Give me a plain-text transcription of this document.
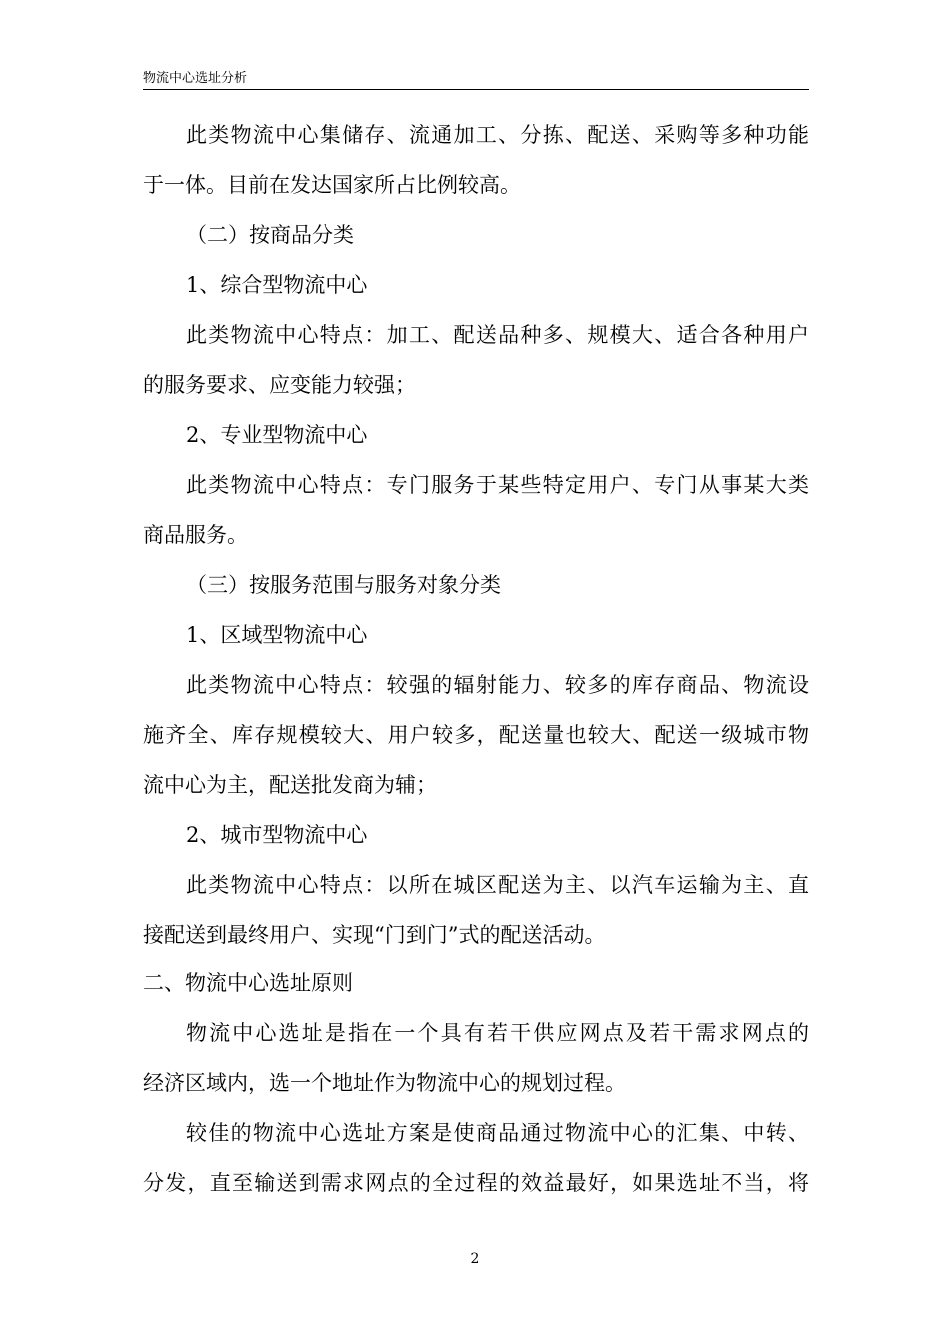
物流中心选址分析
此类物流中心集储存、流通加工、分拣、配送、采购等多种功能
于一体。目前在发达国家所占比例较高。
（二）按商品分类
1、综合型物流中心
此类物流中心特点：加工、配送品种多、规模大、适合各种用户
的服务要求、应变能力较强；
2、专业型物流中心
此类物流中心特点：专门服务于某些特定用户、专门从事某大类
商品服务。
（三）按服务范围与服务对象分类
1、区域型物流中心
此类物流中心特点：较强的辐射能力、较多的库存商品、物流设
施齐全、库存规模较大、用户较多，配送量也较大、配送一级城市物
流中心为主，配送批发商为辅；
2、城市型物流中心
此类物流中心特点：以所在城区配送为主、以汽车运输为主、直
接配送到最终用户、实现“门到门”式的配送活动。
二、物流中心选址原则
物流中心选址是指在一个具有若干供应网点及若干需求网点的
经济区域内，选一个地址作为物流中心的规划过程。
较佳的物流中心选址方案是使商品通过物流中心的汇集、中转、
分发，直至输送到需求网点的全过程的效益最好，如果选址不当，将
2
